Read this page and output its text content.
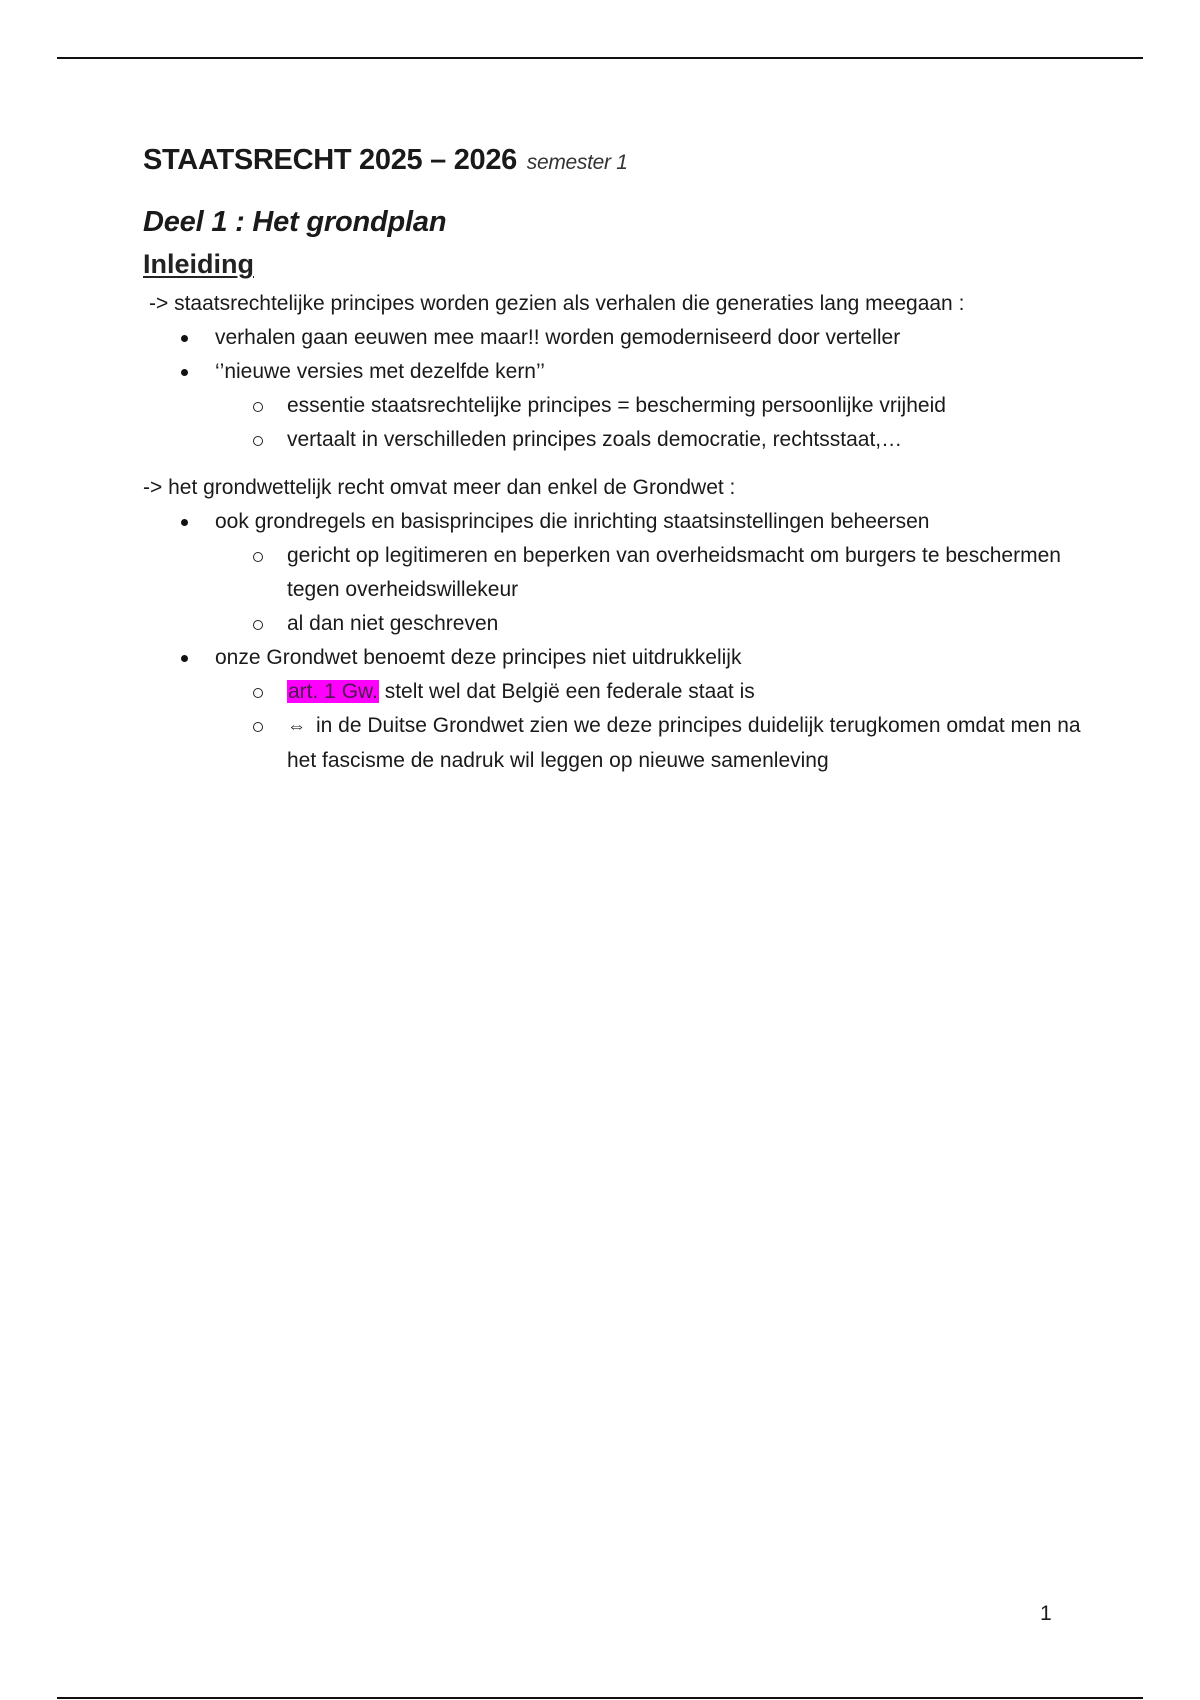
STAATSRECHT 2025 – 2026 semester 1
Deel 1 : Het grondplan
Inleiding

-> staatsrechtelijke principes worden gezien als verhalen die generaties lang meegaan :

verhalen gaan eeuwen mee maar!! worden gemoderniseerd door verteller
‘’nieuwe versies met dezelfde kern’’
essentie staatsrechtelijke principes = bescherming persoonlijke vrijheid
vertaalt in verschilleden principes zoals democratie, rechtsstaat,…

-> het grondwettelijk recht omvat meer dan enkel de Grondwet :

ook grondregels en basisprincipes die inrichting staatsinstellingen beheersen
gericht op legitimeren en beperken van overheidsmacht om burgers te beschermen tegen overheidswillekeur
al dan niet geschreven
onze Grondwet benoemt deze principes niet uitdrukkelijk
art. 1 Gw. stelt wel dat België een federale staat is
⇔ in de Duitse Grondwet zien we deze principes duidelijk terugkomen omdat men na het fascisme de nadruk wil leggen op nieuwe samenleving
1
